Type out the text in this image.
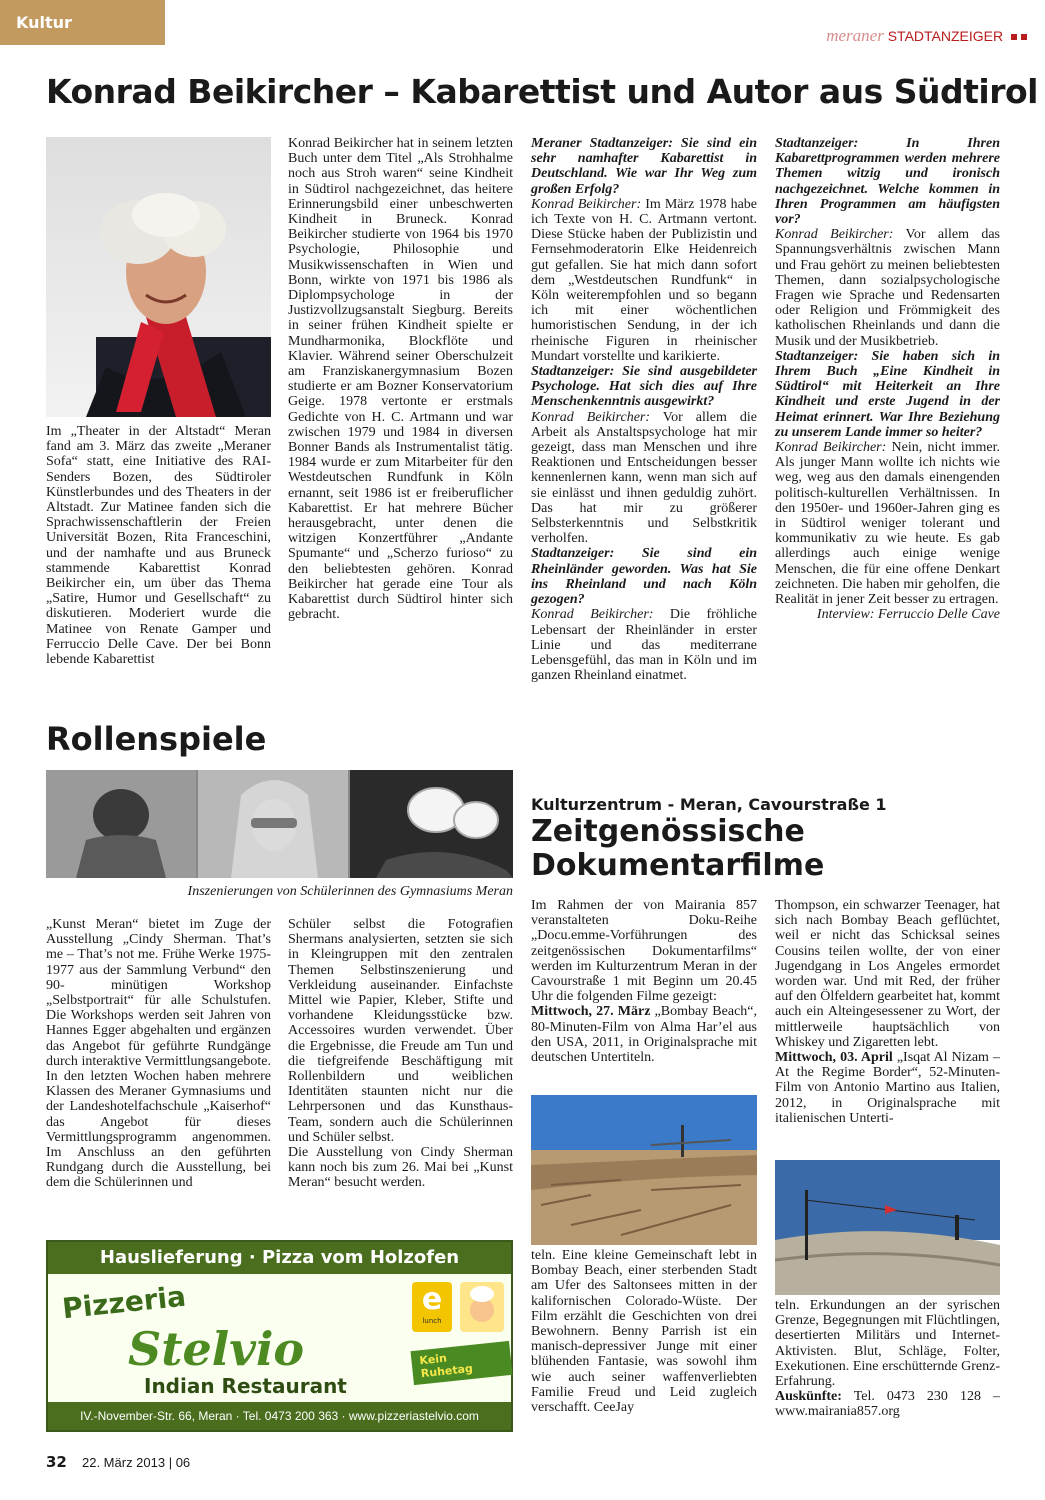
Kultur
meraner STADTANZEIGER
Konrad Beikircher – Kabarettist und Autor aus Südtirol

Im „Theater in der Altstadt“ Meran fand am 3. März das zweite „Meraner Sofa“ statt, eine Initiative des RAI-Senders Bozen, des Südtiroler Künstlerbundes und des Theaters in der Altstadt. Zur Matinee fanden sich die Sprachwissenschaftlerin der Freien Universität Bozen, Rita Franceschini, und der namhafte und aus Bruneck stammende Kabarettist Konrad Beikircher ein, um über das Thema „Satire, Humor und Gesellschaft“ zu diskutieren. Moderiert wurde die Matinee von Renate Gamper und Ferruccio Delle Cave. Der bei Bonn lebende Kabarettist

Konrad Beikircher hat in seinem letzten Buch unter dem Titel „Als Strohhalme noch aus Stroh waren“ seine Kindheit in Südtirol nachgezeichnet, das heitere Erinnerungsbild einer unbeschwerten Kindheit in Bruneck. Konrad Beikircher studierte von 1964 bis 1970 Psychologie, Philosophie und Musikwissenschaften in Wien und Bonn, wirkte von 1971 bis 1986 als Diplompsychologe in der Justizvollzugsanstalt Siegburg. Bereits in seiner frühen Kindheit spielte er Mundharmonika, Blockflöte und Klavier. Während seiner Oberschulzeit am Franziskanergymnasium Bozen studierte er am Bozner Konservatorium Geige. 1978 vertonte er erstmals Gedichte von H. C. Artmann und war zwischen 1979 und 1984 in diversen Bonner Bands als Instrumentalist tätig. 1984 wurde er zum Mitarbeiter für den Westdeutschen Rundfunk in Köln ernannt, seit 1986 ist er freiberuflicher Kabarettist. Er hat mehrere Bücher herausgebracht, unter denen die witzigen Konzertführer „Andante Spumante“ und „Scherzo furioso“ zu den beliebtesten gehören. Konrad Beikircher hat gerade eine Tour als Kabarettist durch Südtirol hinter sich gebracht.

Meraner Stadtanzeiger: Sie sind ein sehr namhafter Kabarettist in Deutschland. Wie war Ihr Weg zum großen Erfolg?

Konrad Beikircher: Im März 1978 habe ich Texte von H. C. Artmann vertont. Diese Stücke haben der Publizistin und Fernsehmoderatorin Elke Heidenreich gut gefallen. Sie hat mich dann sofort dem „Westdeutschen Rundfunk“ in Köln weiterempfohlen und so begann ich mit einer wöchentlichen humoristischen Sendung, in der ich rheinische Figuren in rheinischer Mundart vorstellte und karikierte.

Stadtanzeiger: Sie sind ausgebildeter Psychologe. Hat sich dies auf Ihre Menschenkenntnis ausgewirkt?

Konrad Beikircher: Vor allem die Arbeit als Anstaltspsychologe hat mir gezeigt, dass man Menschen und ihre Reaktionen und Entscheidungen besser kennenlernen kann, wenn man sich auf sie einlässt und ihnen geduldig zuhört. Das hat mir zu größerer Selbsterkenntnis und Selbstkritik verholfen.

Stadtanzeiger: Sie sind ein Rheinländer geworden. Was hat Sie ins Rheinland und nach Köln gezogen?

Konrad Beikircher: Die fröhliche Lebensart der Rheinländer in erster Linie und das mediterrane Lebensgefühl, das man in Köln und im ganzen Rheinland einatmet.

Stadtanzeiger: In Ihren Kabarettprogrammen werden mehrere Themen witzig und ironisch nachgezeichnet. Welche kommen in Ihren Programmen am häufigsten vor?

Konrad Beikircher: Vor allem das Spannungsverhältnis zwischen Mann und Frau gehört zu meinen beliebtesten Themen, dann sozialpsychologische Fragen wie Sprache und Redensarten oder Religion und Frömmigkeit des katholischen Rheinlands und dann die Musik und der Musikbetrieb.

Stadtanzeiger: Sie haben sich in Ihrem Buch „Eine Kindheit in Südtirol“ mit Heiterkeit an Ihre Kindheit und erste Jugend in der Heimat erinnert. War Ihre Beziehung zu unserem Lande immer so heiter?

Konrad Beikircher: Nein, nicht immer. Als junger Mann wollte ich nichts wie weg, weg aus den damals einengenden politisch-kulturellen Verhältnissen. In den 1950er- und 1960er-Jahren ging es in Südtirol weniger tolerant und kommunikativ zu wie heute. Es gab allerdings auch einige wenige Menschen, die für eine offene Denkart zeichneten. Die haben mir geholfen, die Realität in jener Zeit besser zu ertragen.

Interview: Ferruccio Delle Cave

Rollenspiele
Inszenierungen von Schülerinnen des Gymnasiums Meran

„Kunst Meran“ bietet im Zuge der Ausstellung „Cindy Sherman. That’s me – That’s not me. Frühe Werke 1975-1977 aus der Sammlung Verbund“ den 90- minütigen Workshop „Selbstportrait“ für alle Schulstufen. Die Workshops werden seit Jahren von Hannes Egger abgehalten und ergänzen das Angebot für geführte Rundgänge durch interaktive Vermittlungsangebote. In den letzten Wochen haben mehrere Klassen des Meraner Gymnasiums und der Landeshotelfachschule „Kaiserhof“ das Angebot für dieses Vermittlungsprogramm angenommen. Im Anschluss an den geführten Rundgang durch die Ausstellung, bei dem die Schülerinnen und

Schüler selbst die Fotografien Shermans analysierten, setzten sie sich in Kleingruppen mit den zentralen Themen Selbstinszenierung und Verkleidung auseinander. Einfachste Mittel wie Papier, Kleber, Stifte und vorhandene Kleidungsstücke bzw. Accessoires wurden verwendet. Über die Ergebnisse, die Freude am Tun und die tiefgreifende Beschäftigung mit Rollenbildern und weiblichen Identitäten staunten nicht nur die Lehrpersonen und das Kunsthaus-Team, sondern auch die Schülerinnen und Schüler selbst.

Die Ausstellung von Cindy Sherman kann noch bis zum 26. Mai bei „Kunst Meran“ besucht werden.

Hauslieferung · Pizza vom Holzofen
Pizzeria
Stelvio
Indian Restaurant
Kein Ruhetag
e
lunch
IV.-November-Str. 66, Meran · Tel. 0473 200 363 · www.pizzeriastelvio.com
Kulturzentrum - Meran, Cavourstraße 1
Zeitgenössische
Dokumentarfilme

Im Rahmen der von Mairania 857 veranstalteten Doku-Reihe „Docu.emme-Vorführungen des zeitgenössischen Dokumentarfilms“ werden im Kulturzentrum Meran in der Cavourstraße 1 mit Beginn um 20.45 Uhr die folgenden Filme gezeigt:

Mittwoch, 27. März „Bombay Beach“, 80-Minuten-Film von Alma Har’el aus den USA, 2011, in Originalsprache mit deutschen Untertiteln.

teln. Eine kleine Gemeinschaft lebt in Bombay Beach, einer sterbenden Stadt am Ufer des Saltonsees mitten in der kalifornischen Colorado-Wüste. Der Film erzählt die Geschichten von drei Bewohnern. Benny Parrish ist ein manisch-depressiver Junge mit einer blühenden Fantasie, was sowohl ihm wie auch seiner waffenverliebten Familie Freud und Leid zugleich verschafft. CeeJay

Thompson, ein schwarzer Teenager, hat sich nach Bombay Beach geflüchtet, weil er nicht das Schicksal seines Cousins teilen wollte, der von einer Jugendgang in Los Angeles ermordet worden war. Und mit Red, der früher auf den Ölfeldern gearbeitet hat, kommt auch ein Alteingesessener zu Wort, der mittlerweile hauptsächlich von Whiskey und Zigaretten lebt.

Mittwoch, 03. April „Isqat Al Nizam – At the Regime Border“, 52-Minuten-Film von Antonio Martino aus Italien, 2012, in Originalsprache mit italienischen Unterti-

teln. Erkundungen an der syrischen Grenze, Begegnungen mit Flüchtlingen, desertierten Militärs und Internet-Aktivisten. Blut, Schläge, Folter, Exekutionen. Eine erschütternde Grenz-Erfahrung.

Auskünfte: Tel. 0473 230 128 – www.mairania857.org

32 22. März 2013 | 06
